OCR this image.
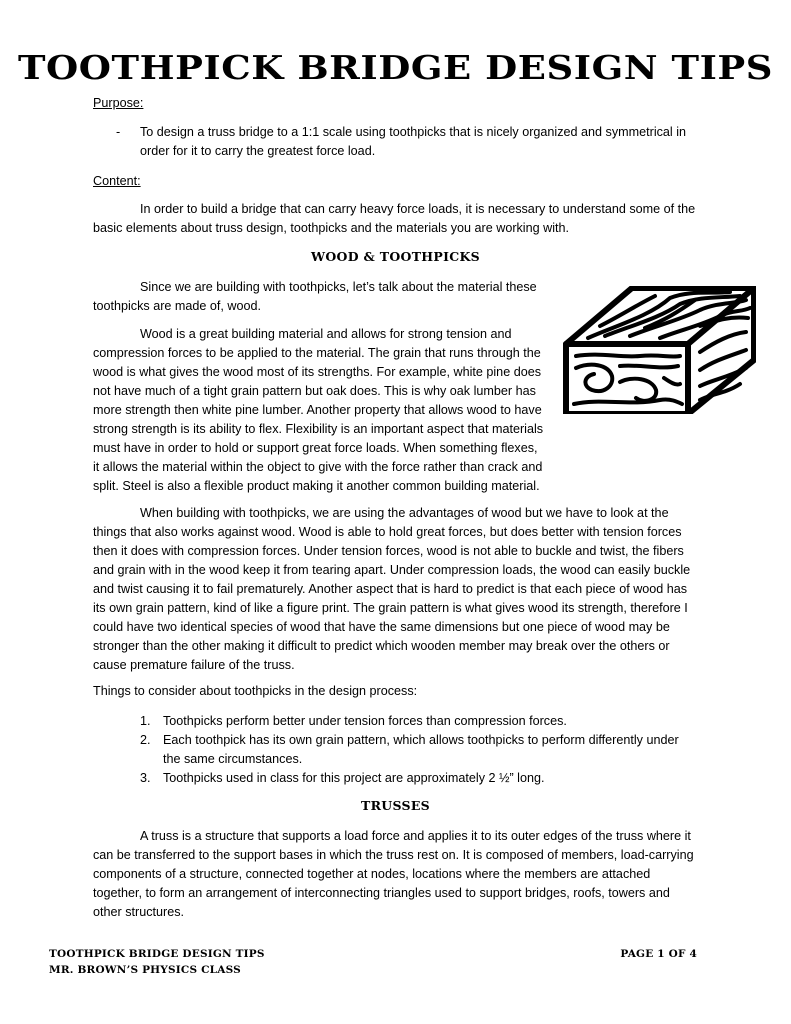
TOOTHPICK BRIDGE DESIGN TIPS
Purpose:
- To design a truss bridge to a 1:1 scale using toothpicks that is nicely organized and symmetrical in order for it to carry the greatest force load.
Content:

In order to build a bridge that can carry heavy force loads, it is necessary to understand some of the basic elements about truss design, toothpicks and the materials you are working with.

WOOD & TOOTHPICKS

Since we are building with toothpicks, let’s talk about the material these toothpicks are made of, wood.

Wood is a great building material and allows for strong tension and compression forces to be applied to the material. The grain that runs through the wood is what gives the wood most of its strengths. For example, white pine does not have much of a tight grain pattern but oak does. This is why oak lumber has more strength then white pine lumber. Another property that allows wood to have strong strength is its ability to flex. Flexibility is an important aspect that materials must have in order to hold or support great force loads. When something flexes, it allows the material within the object to give with the force rather than crack and split. Steel is also a flexible product making it another common building material.

When building with toothpicks, we are using the advantages of wood but we have to look at the things that also works against wood. Wood is able to hold great forces, but does better with tension forces then it does with compression forces. Under tension forces, wood is not able to buckle and twist, the fibers and grain with in the wood keep it from tearing apart. Under compression loads, the wood can easily buckle and twist causing it to fail prematurely. Another aspect that is hard to predict is that each piece of wood has its own grain pattern, kind of like a figure print. The grain pattern is what gives wood its strength, therefore I could have two identical species of wood that have the same dimensions but one piece of wood may be stronger than the other making it difficult to predict which wooden member may break over the others or cause premature failure of the truss.

Things to consider about toothpicks in the design process:
1. Toothpicks perform better under tension forces than compression forces.
2. Each toothpick has its own grain pattern, which allows toothpicks to perform differently under the same circumstances.
3. Toothpicks used in class for this project are approximately 2 ½” long.
TRUSSES

A truss is a structure that supports a load force and applies it to its outer edges of the truss where it can be transferred to the support bases in which the truss rest on. It is composed of members, load-carrying components of a structure, connected together at nodes, locations where the members are attached together, to form an arrangement of interconnecting triangles used to support bridges, roofs, towers and other structures.

TOOTHPICK BRIDGE DESIGN TIPS
MR. BROWN’S PHYSICS CLASS
PAGE 1 OF 4
